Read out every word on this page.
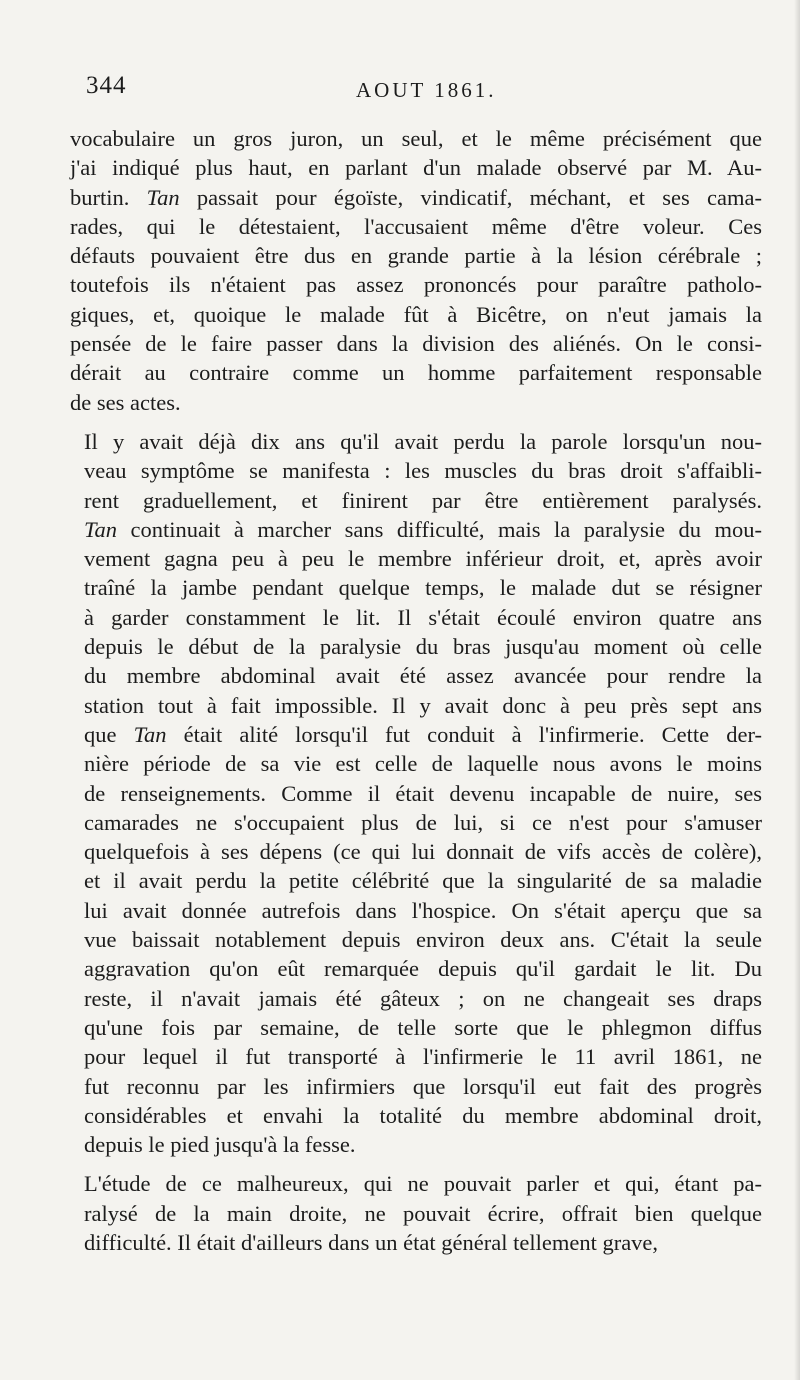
344	AOUT 1861.

vocabulaire un gros juron, un seul, et le même précisément que
j'ai indiqué plus haut, en parlant d'un malade observé par M. Au-
burtin. Tan passait pour égoïste, vindicatif, méchant, et ses cama-
rades, qui le détestaient, l'accusaient même d'être voleur. Ces
défauts pouvaient être dus en grande partie à la lésion cérébrale ;
toutefois ils n'étaient pas assez prononcés pour paraître patholo-
giques, et, quoique le malade fût à Bicêtre, on n'eut jamais la
pensée de le faire passer dans la division des aliénés. On le consi-
dérait au contraire comme un homme parfaitement responsable
de ses actes.

Il y avait déjà dix ans qu'il avait perdu la parole lorsqu'un nou-
veau symptôme se manifesta : les muscles du bras droit s'affaibli-
rent graduellement, et finirent par être entièrement paralysés.
Tan continuait à marcher sans difficulté, mais la paralysie du mou-
vement gagna peu à peu le membre inférieur droit, et, après avoir
traîné la jambe pendant quelque temps, le malade dut se résigner
à garder constamment le lit. Il s'était écoulé environ quatre ans
depuis le début de la paralysie du bras jusqu'au moment où celle
du membre abdominal avait été assez avancée pour rendre la
station tout à fait impossible. Il y avait donc à peu près sept ans
que Tan était alité lorsqu'il fut conduit à l'infirmerie. Cette der-
nière période de sa vie est celle de laquelle nous avons le moins
de renseignements. Comme il était devenu incapable de nuire, ses
camarades ne s'occupaient plus de lui, si ce n'est pour s'amuser
quelquefois à ses dépens (ce qui lui donnait de vifs accès de colère),
et il avait perdu la petite célébrité que la singularité de sa maladie
lui avait donnée autrefois dans l'hospice. On s'était aperçu que sa
vue baissait notablement depuis environ deux ans. C'était la seule
aggravation qu'on eût remarquée depuis qu'il gardait le lit. Du
reste, il n'avait jamais été gâteux ; on ne changeait ses draps
qu'une fois par semaine, de telle sorte que le phlegmon diffus
pour lequel il fut transporté à l'infirmerie le 11 avril 1861, ne
fut reconnu par les infirmiers que lorsqu'il eut fait des progrès
considérables et envahi la totalité du membre abdominal droit,
depuis le pied jusqu'à la fesse.

L'étude de ce malheureux, qui ne pouvait parler et qui, étant pa-
ralysé de la main droite, ne pouvait écrire, offrait bien quelque
difficulté. Il était d'ailleurs dans un état général tellement grave,
